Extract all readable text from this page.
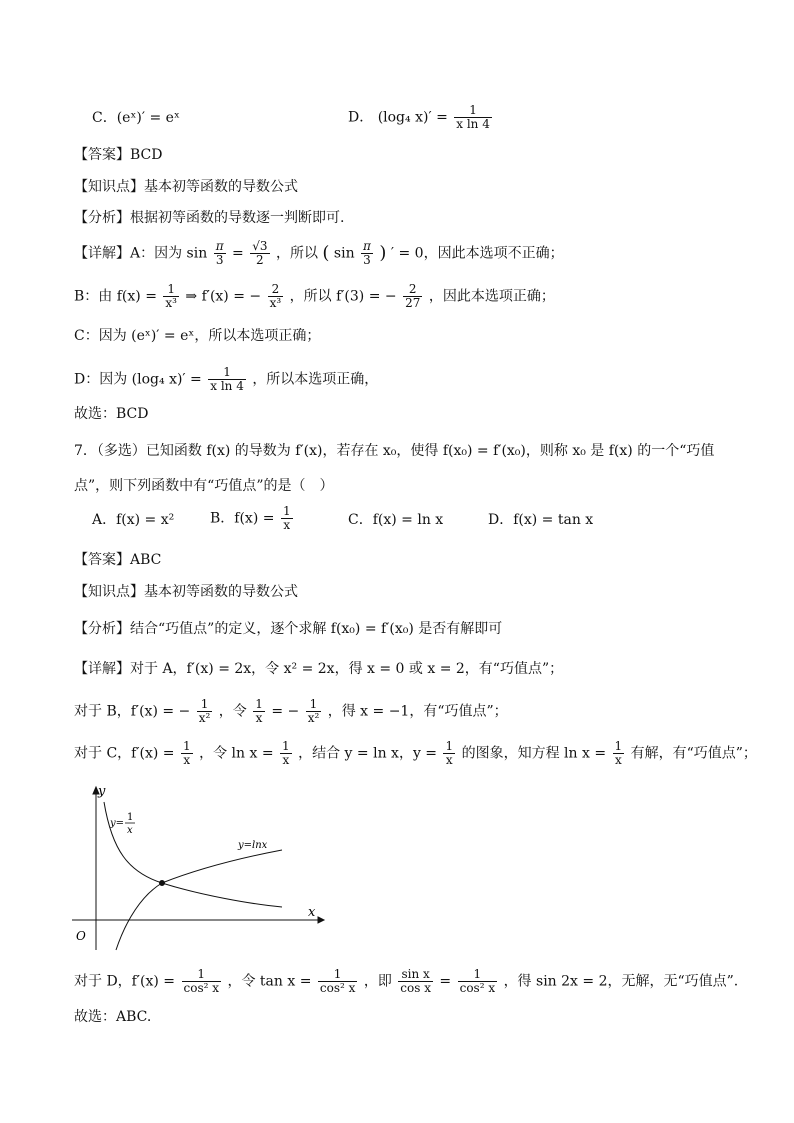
C．(eˣ)′ = eˣ	D． (log₄ $x)' = \frac{1}{\text{x ln 4}}$
【答案】BCD
【知识点】基本初等函数的导数公式
【分析】根据初等函数的导数逐一判断即可.
【详解】A：因为 $\sin \frac{\pi}{3} = \frac{√3}{2}$ ，所以 ( $\sin \frac{\pi}{3}$ ) ′ = 0，因此本选项不正确；
B：由 $f(x) = \frac{1}{\text{x³}}$ ⇒ f′(x) = − $\frac{2}{\text{x³}}$ ，所以 f′(3) = − $\frac{2}{27}$ ，因此本选项正确；
C：因为 (eˣ)′ = eˣ，所以本选项正确；
D：因为 (log₄ $x)' = \frac{1}{\text{x ln 4}}$ ，所以本选项正确，
故选：BCD
7．（多选）已知函数 f(x) 的导数为 f′(x)，若存在 x₀，使得 f(x₀) = f′(x₀)，则称 x₀ 是 f(x) 的一个“巧值
点”，则下列函数中有“巧值点”的是（　）
A．f(x) = x²	B．$f(x) = \frac{1}{x}$	C．f(x) = ln x	D．f(x) = tan x
【答案】ABC
【知识点】基本初等函数的导数公式
【分析】结合“巧值点”的定义，逐个求解 f(x₀) = f′(x₀) 是否有解即可
【详解】对于 A，f′(x) = 2x，令 x² = 2x，得 x = 0 或 x = 2，有“巧值点”；
对于 B，f′(x) = − $\frac{1}{\text{x²}}$ ，令 $\frac{1}{x}$ = − $\frac{1}{\text{x²}}$ ，得 x = −1，有“巧值点”；
对于 C，$f'(x) = \frac{1}{x}$ ，令 $\ln x = \frac{1}{x}$ ，结合 y = ln x，$y = \frac{1}{x}$ 的图象，知方程 $\ln x = \frac{1}{x}$ 有解，有“巧值点”；
y
x
O
y=
1
x
y=lnx
对于 D，$f'(x) = \frac{1}{\text{cos² x}}$ ，令 $\tan x = \frac{1}{\text{cos² x}}$ ，即 $\frac{\text{sin x}}{\text{cos x}} = \frac{1}{\text{cos² x}}$ ，得 sin 2x = 2，无解，无“巧值点”.
故选：ABC.
